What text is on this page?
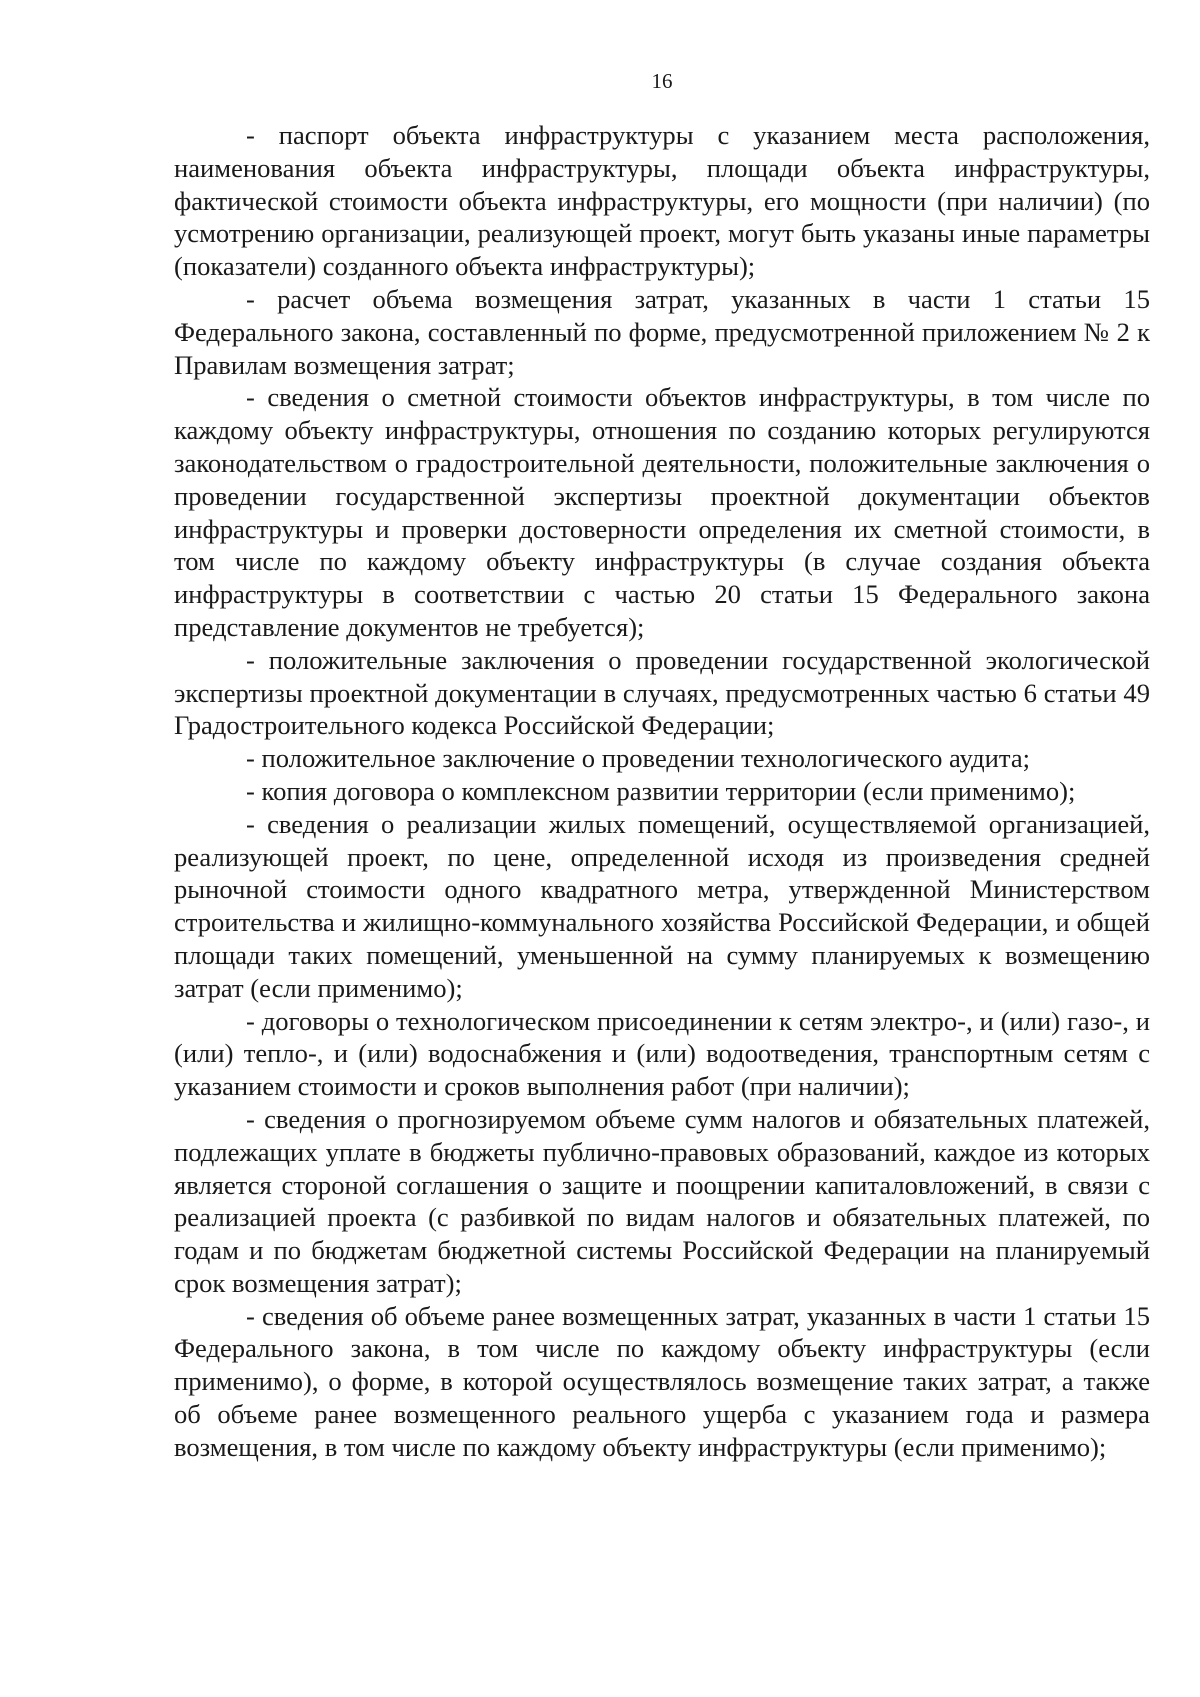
16

- паспорт объекта инфраструктуры с указанием места расположения, наименования объекта инфраструктуры, площади объекта инфраструктуры, фактической стоимости объекта инфраструктуры, его мощности (при наличии) (по усмотрению организации, реализующей проект, могут быть указаны иные параметры (показатели) созданного объекта инфраструктуры);

- расчет объема возмещения затрат, указанных в части 1 статьи 15 Федерального закона, составленный по форме, предусмотренной приложением № 2 к Правилам возмещения затрат;

- сведения о сметной стоимости объектов инфраструктуры, в том числе по каждому объекту инфраструктуры, отношения по созданию которых регулируются законодательством о градостроительной деятельности, положительные заключения о проведении государственной экспертизы проектной документации объектов инфраструктуры и проверки достоверности определения их сметной стоимости, в том числе по каждому объекту инфраструктуры (в случае создания объекта инфраструктуры в соответствии с частью 20 статьи 15 Федерального закона представление документов не требуется);

- положительные заключения о проведении государственной экологической экспертизы проектной документации в случаях, предусмотренных частью 6 статьи 49 Градостроительного кодекса Российской Федерации;

- положительное заключение о проведении технологического аудита;

- копия договора о комплексном развитии территории (если применимо);

- сведения о реализации жилых помещений, осуществляемой организацией, реализующей проект, по цене, определенной исходя из произведения средней рыночной стоимости одного квадратного метра, утвержденной Министерством строительства и жилищно-коммунального хозяйства Российской Федерации, и общей площади таких помещений, уменьшенной на сумму планируемых к возмещению затрат (если применимо);

- договоры о технологическом присоединении к сетям электро-, и (или) газо-, и (или) тепло-, и (или) водоснабжения и (или) водоотведения, транспортным сетям с указанием стоимости и сроков выполнения работ (при наличии);

- сведения о прогнозируемом объеме сумм налогов и обязательных платежей, подлежащих уплате в бюджеты публично-правовых образований, каждое из которых является стороной соглашения о защите и поощрении капиталовложений, в связи с реализацией проекта (с разбивкой по видам налогов и обязательных платежей, по годам и по бюджетам бюджетной системы Российской Федерации на планируемый срок возмещения затрат);

- сведения об объеме ранее возмещенных затрат, указанных в части 1 статьи 15 Федерального закона, в том числе по каждому объекту инфраструктуры (если применимо), о форме, в которой осуществлялось возмещение таких затрат, а также об объеме ранее возмещенного реального ущерба с указанием года и размера возмещения, в том числе по каждому объекту инфраструктуры (если применимо);
